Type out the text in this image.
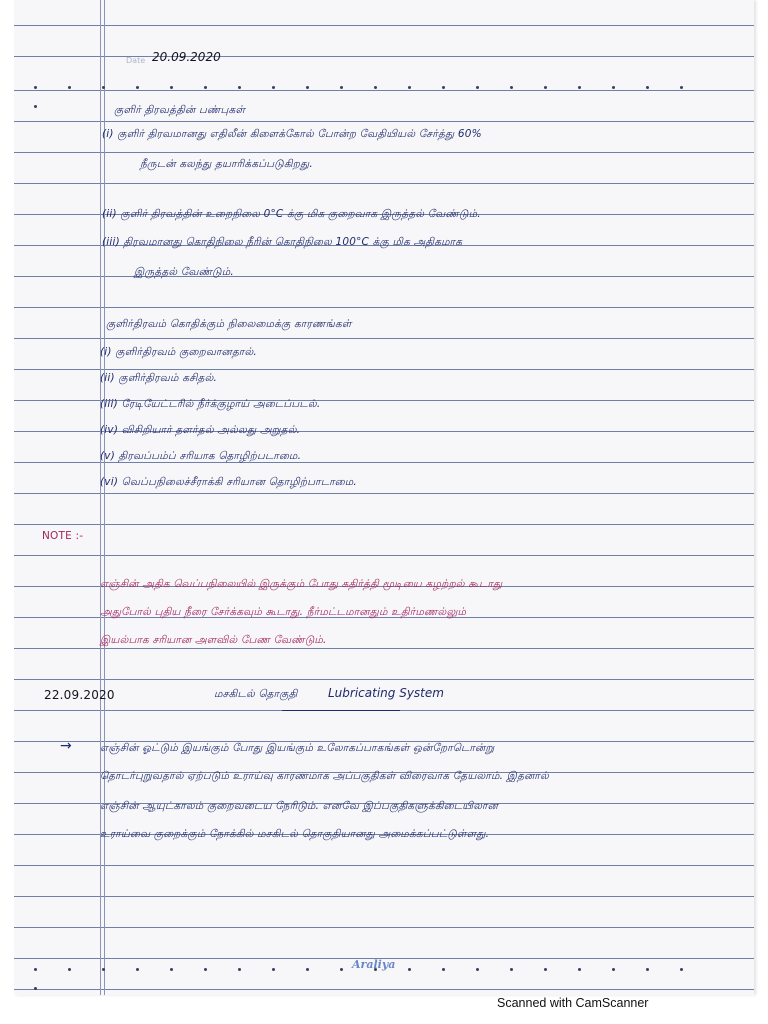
Date 20.09.2020
குளிர் திரவத்தின் பண்புகள்
(i) குளிர் திரவமானது எதிலீன் கிளைக்கோல் போன்ற வேதியியல் சேர்த்து 60%
நீருடன் கலந்து தயாரிக்கப்படுகிறது.
(ii) குளிர் திரவத்தின் உறைநிலை 0°C க்கு மிக குறைவாக இருத்தல் வேண்டும்.
(iii) திரவமானது கொதிநிலை நீரின் கொதிநிலை 100°C க்கு மிக அதிகமாக
இருத்தல் வேண்டும்.
குளிர்திரவம் கொதிக்கும் நிலைமைக்கு காரணங்கள்
(i) குளிர்திரவம் குறைவானதால்.
(ii) குளிர்திரவம் கசிதல்.
(iii) ரேடியேட்டரில் நீர்க்குழாய் அடைப்படல்.
(iv) விசிறியார் தளர்தல் அல்லது அறுதல்.
(v) திரவப்பம்ப் சரியாக தொழிற்படாமை.
(vi) வெப்பநிலைச்சீராக்கி சரியான தொழிற்பாடாமை.
NOTE :-
எஞ்சின் அதிக வெப்பநிலையில் இருக்கும் போது கதிர்த்தி மூடியை கழற்றல் கூடாது
அதுபோல் புதிய நீரை சேர்க்கவும் கூடாது. நீர்மட்டமானதும் உதிர்மணல்லும்
இயல்பாக சரியான அளவில் பேண வேண்டும்.
22.09.2020	மசகிடல் தொகுதி	Lubricating System
→	எஞ்சின் ஓட்டும் இயங்கும் போது இயங்கும் உலோகப்பாகங்கள் ஒன்றோடொன்று
தொடர்புறுவதால் ஏற்படும் உராய்வு காரணமாக அப்பகுதிகள் விரைவாக தேயலாம். இதனால்
எஞ்சின் ஆயுட்காலம் குறைவடைய நேரிடும். எனவே இப்பகுதிகளுக்கிடையிலான
உராய்வை குறைக்கும் நோக்கில் மசகிடல் தொகுதியானது அமைக்கப்பட்டுள்ளது.
Araliya
Scanned with CamScanner
